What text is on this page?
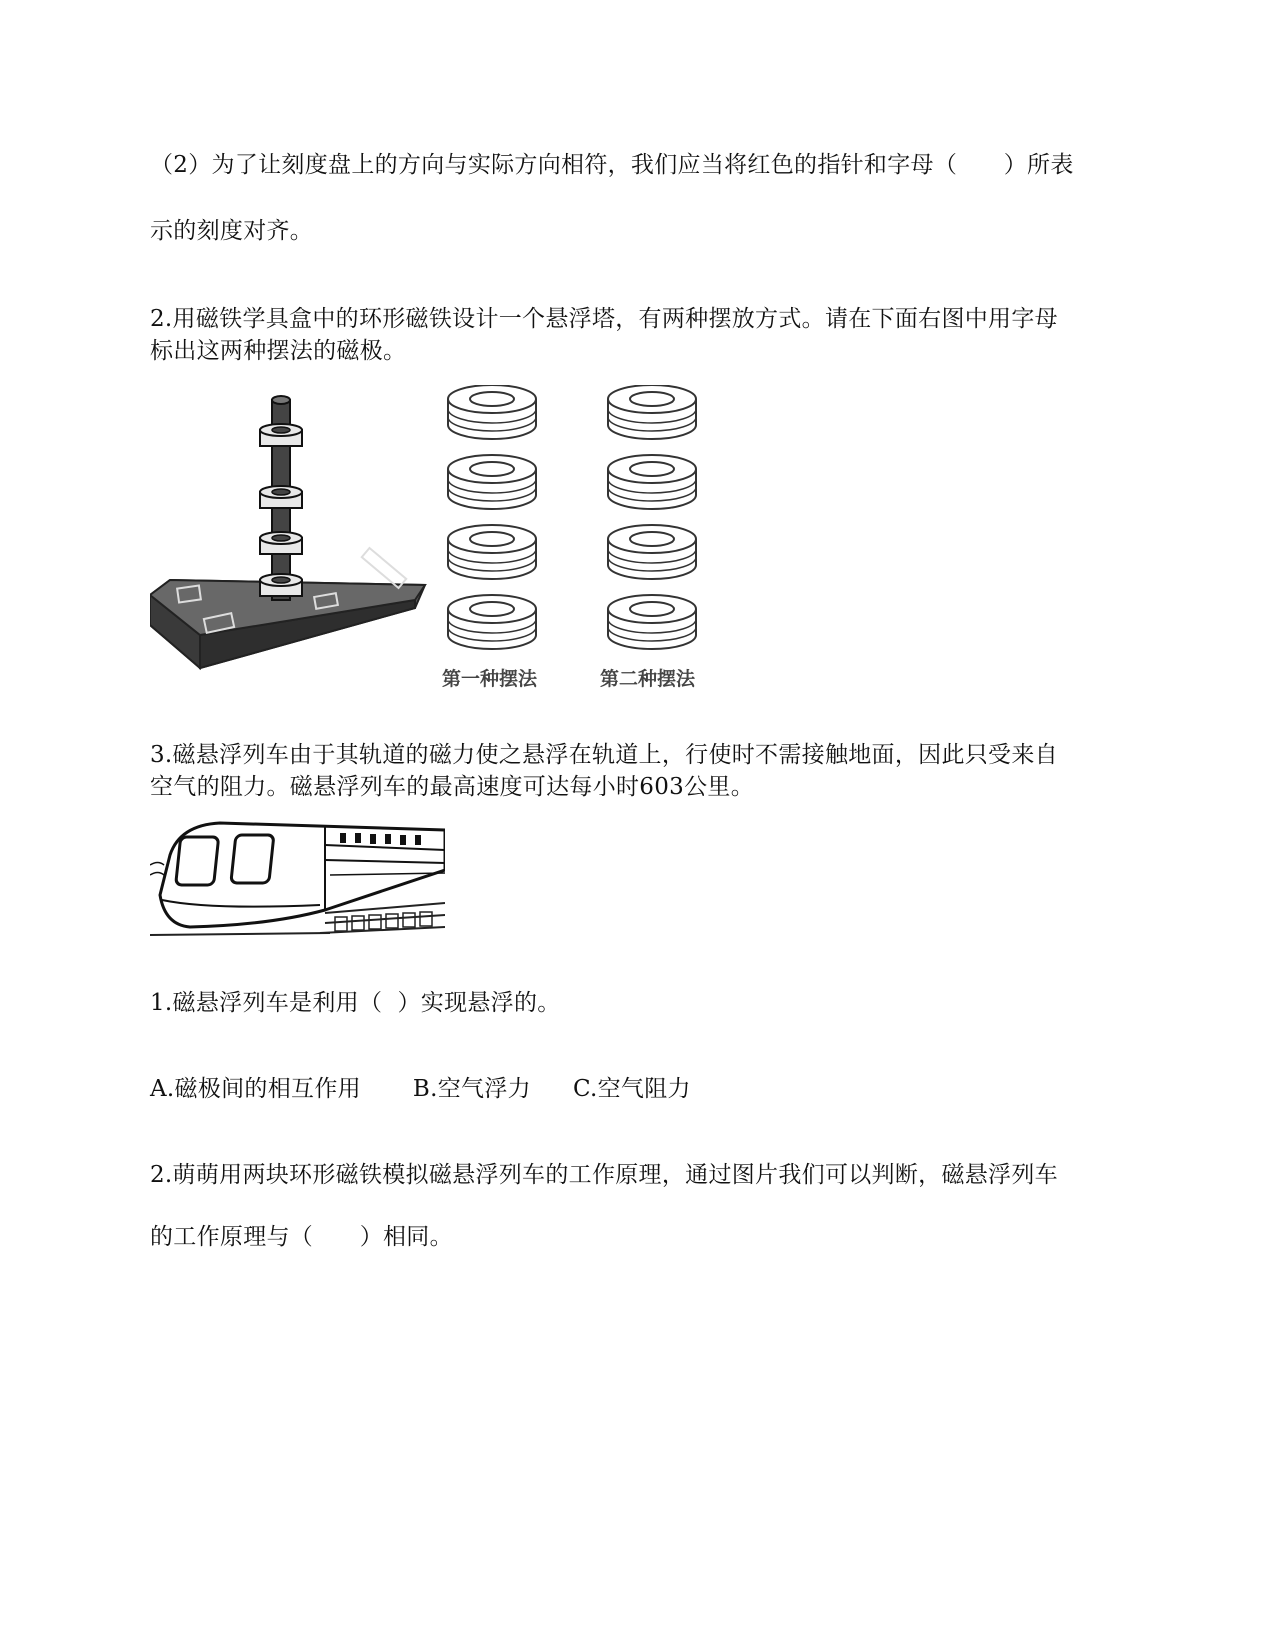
（2）为了让刻度盘上的方向与实际方向相符，我们应当将红色的指针和字母（　　）所表
示的刻度对齐。
2.用磁铁学具盒中的环形磁铁设计一个悬浮塔，有两种摆放方式。请在下面右图中用字母
标出这两种摆法的磁极。
第一种摆法	第二种摆法
3.磁悬浮列车由于其轨道的磁力使之悬浮在轨道上，行使时不需接触地面，因此只受来自
空气的阻力。磁悬浮列车的最高速度可达每小时603公里。
1.磁悬浮列车是利用（  ）实现悬浮的。
A.磁极间的相互作用 B.空气浮力 C.空气阻力
2.萌萌用两块环形磁铁模拟磁悬浮列车的工作原理，通过图片我们可以判断，磁悬浮列车
的工作原理与（　　）相同。
